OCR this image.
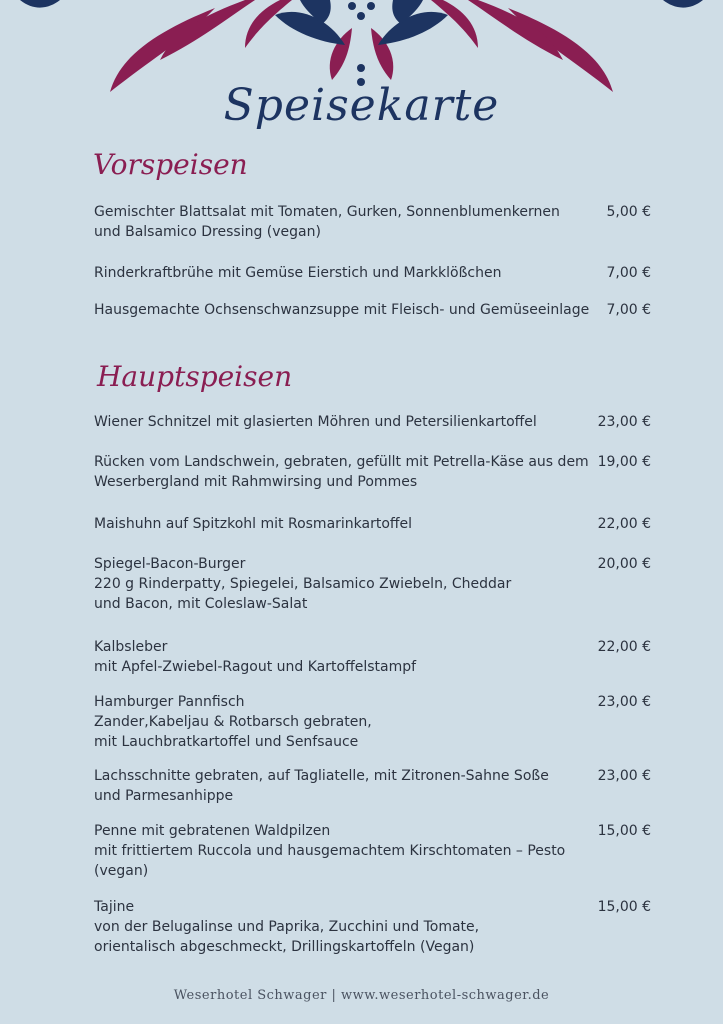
Speisekarte
Vorspeisen
Gemischter Blattsalat mit Tomaten, Gurken, Sonnenblumenkernen
und Balsamico Dressing (vegan)
5,00 €
Rinderkraftbrühe mit Gemüse Eierstich und Markklößchen	7,00 €
Hausgemachte Ochsenschwanzsuppe mit Fleisch- und Gemüseeinlage 7,00 €
Hauptspeisen
Wiener Schnitzel mit glasierten Möhren und Petersilienkartoffel	23,00 €
Rücken vom Landschwein, gebraten, gefüllt mit Petrella-Käse aus dem
Weserbergland mit Rahmwirsing und Pommes
19,00 €
Maishuhn auf Spitzkohl mit Rosmarinkartoffel	22,00 €
Spiegel-Bacon-Burger
220 g Rinderpatty, Spiegelei, Balsamico Zwiebeln, Cheddar
und Bacon, mit Coleslaw-Salat
20,00 €
Kalbsleber
mit Apfel-Zwiebel-Ragout und Kartoffelstampf
22,00 €
Hamburger Pannfisch
Zander,Kabeljau & Rotbarsch gebraten,
mit Lauchbratkartoffel und Senfsauce
23,00 €
Lachsschnitte gebraten, auf Tagliatelle, mit Zitronen-Sahne Soße
und Parmesanhippe
23,00 €
Penne mit gebratenen Waldpilzen
mit frittiertem Ruccola und hausgemachtem Kirschtomaten – Pesto
(vegan)
15,00 €
Tajine
von der Belugalinse und Paprika, Zucchini und Tomate,
orientalisch abgeschmeckt, Drillingskartoffeln (Vegan)
15,00 €
Weserhotel Schwager | www.weserhotel-schwager.de
